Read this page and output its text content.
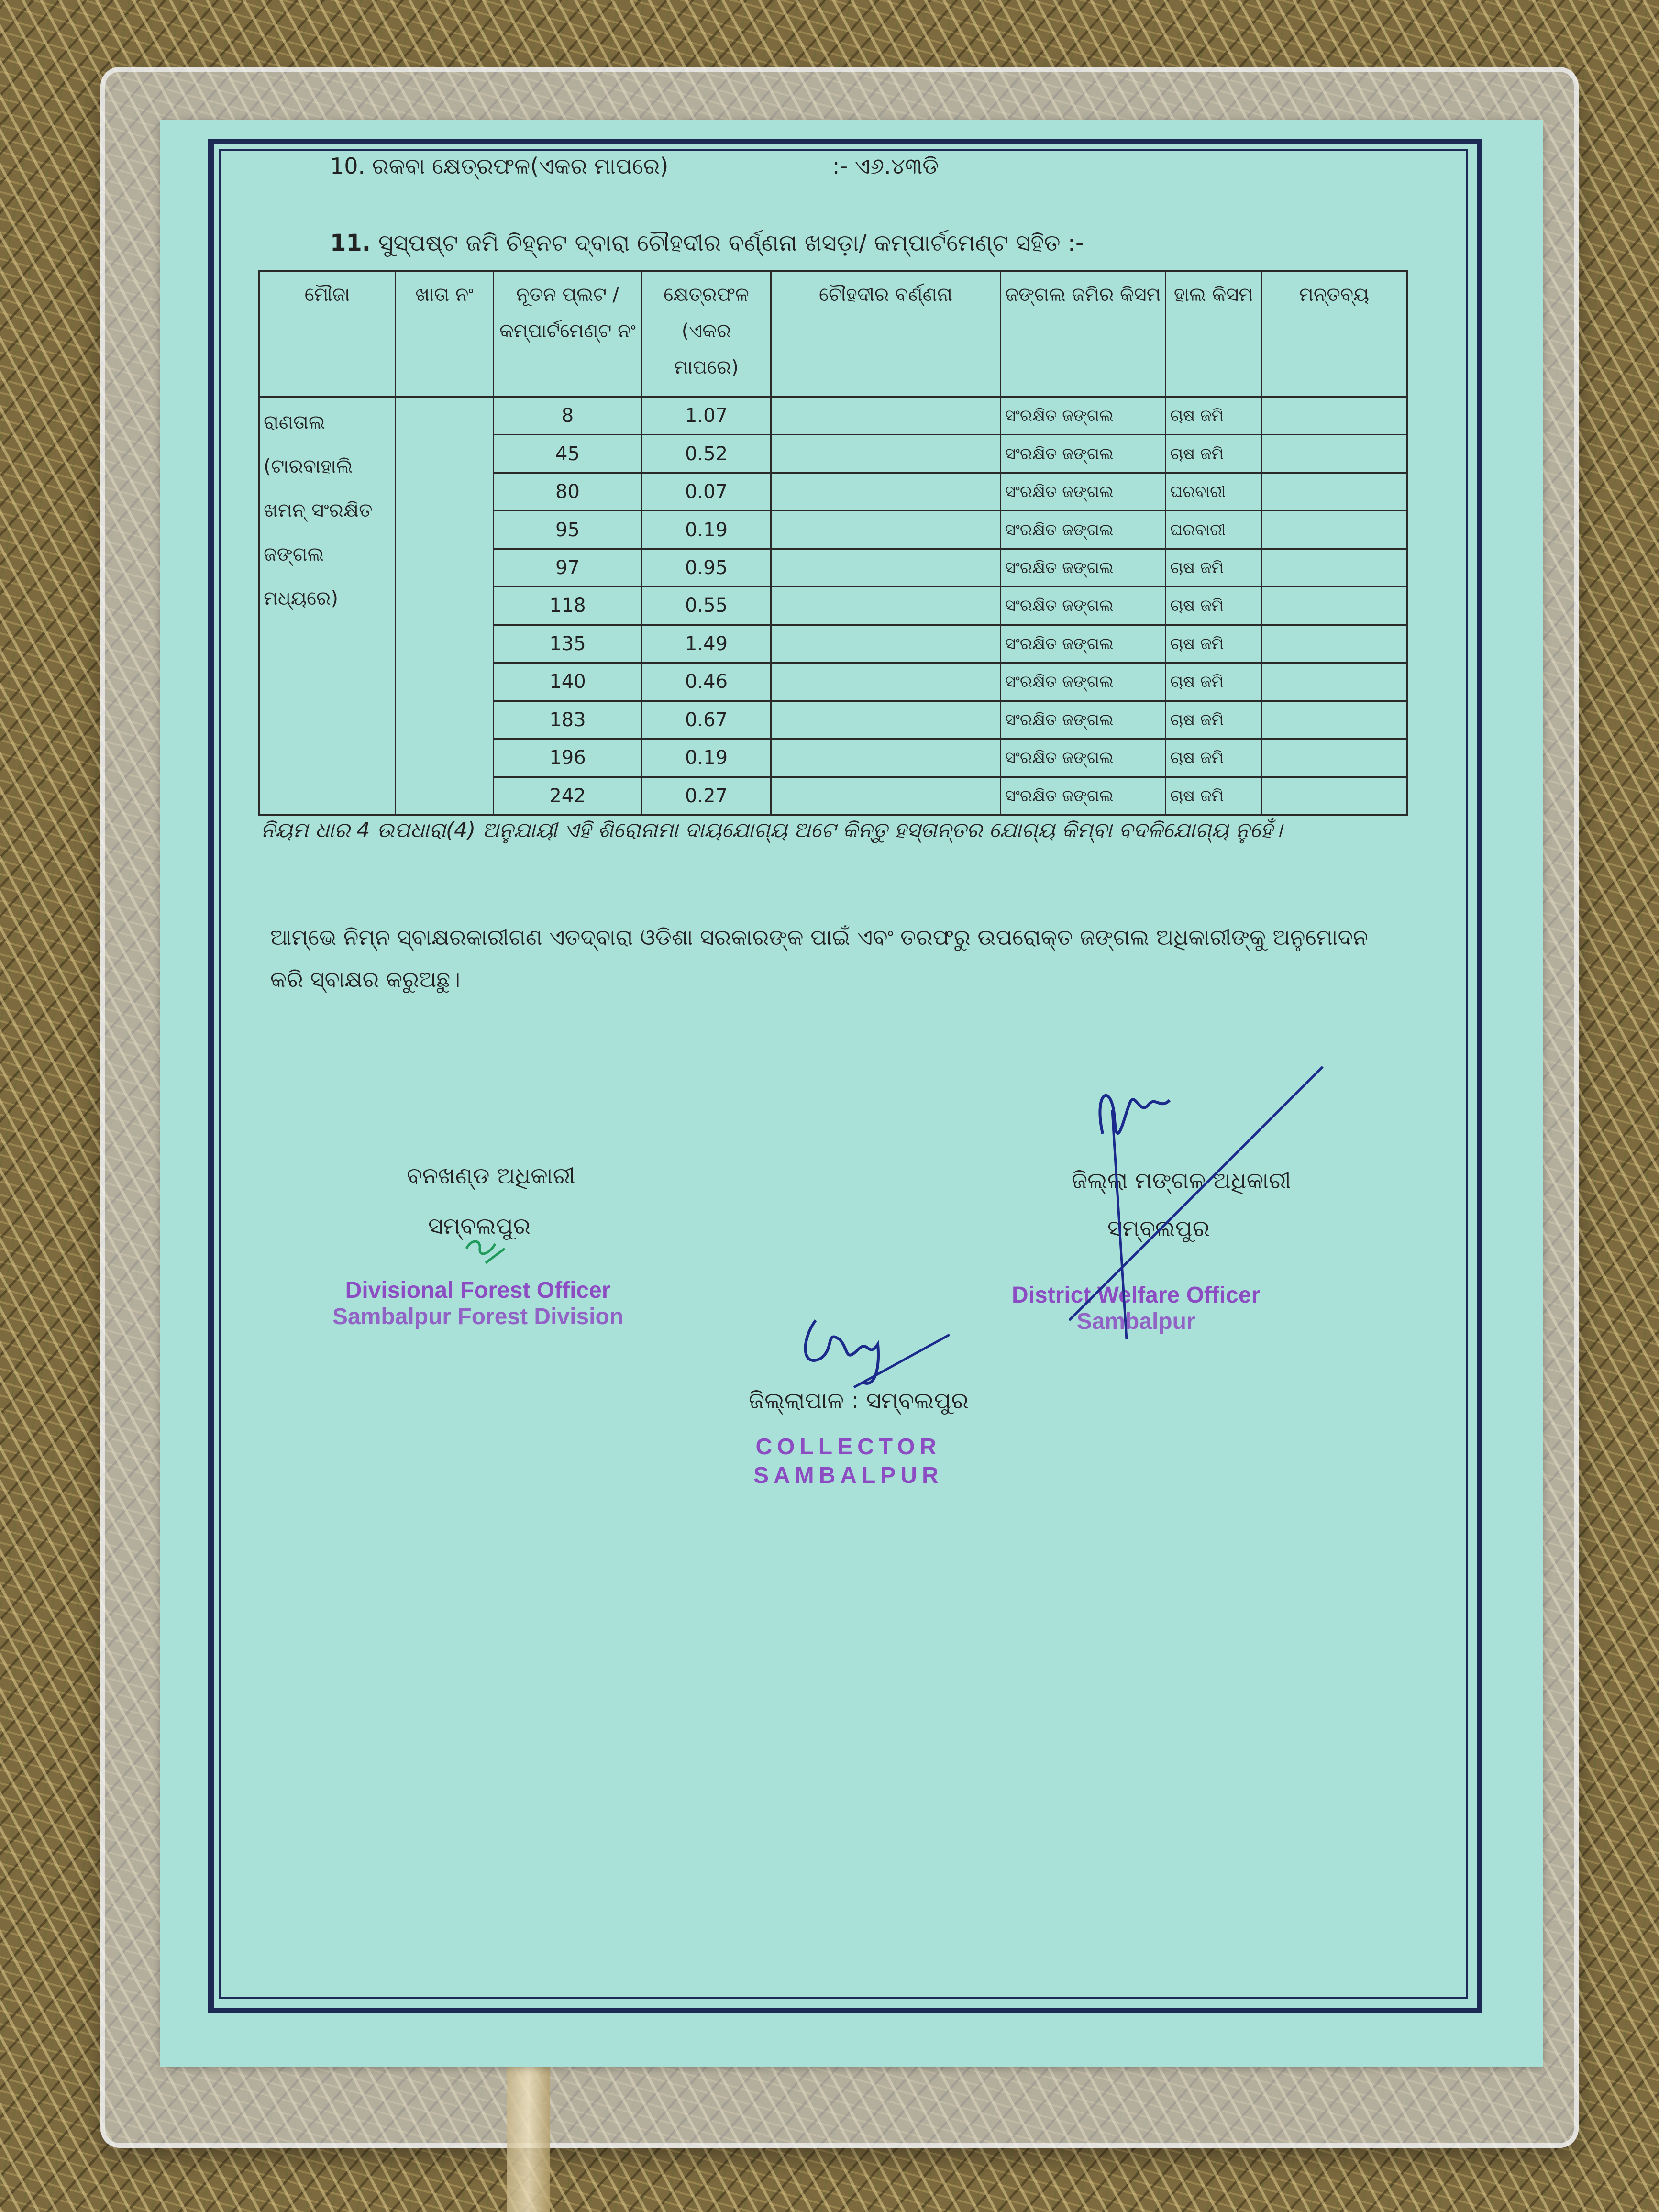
10. ରକବା କ୍ଷେତ୍ରଫଳ(ଏକର ମାପରେ)	:- ଏ୬.୪୩ଡି
11. ସୁସ୍ପଷ୍ଟ ଜମି ଚିହ୍ନଟ ଦ୍ବାରା ଚୌହଦୀର ବର୍ଣ୍ଣନା ଖସଡ଼ା/ କମ୍ପାର୍ଟମେଣ୍ଟ ସହିତ :-
ମୌଜା	ଖାତା ନଂ	ନୂତନ ପ୍ଲଟ / କମ୍ପାର୍ଟମେଣ୍ଟ ନଂ	କ୍ଷେତ୍ରଫଳ (ଏକର ମାପରେ)	ଚୌହଦୀର ବର୍ଣ୍ଣନା	ଜଙ୍ଗଲ ଜମିର କିସମ	ହାଲ କିସମ	ମନ୍ତବ୍ୟ
ରାଣତାଲ (ଟାରବାହାଲି ଖମନ୍ ସଂରକ୍ଷିତ ଜଙ୍ଗଲ ମଧ୍ୟରେ)		8	1.07		ସଂରକ୍ଷିତ ଜଙ୍ଗଲ	ଚାଷ ଜମି	
		45	0.52		ସଂରକ୍ଷିତ ଜଙ୍ଗଲ	ଚାଷ ଜମି	
		80	0.07		ସଂରକ୍ଷିତ ଜଙ୍ଗଲ	ଘରବାରୀ	
		95	0.19		ସଂରକ୍ଷିତ ଜଙ୍ଗଲ	ଘରବାରୀ	
		97	0.95		ସଂରକ୍ଷିତ ଜଙ୍ଗଲ	ଚାଷ ଜମି	
		118	0.55		ସଂରକ୍ଷିତ ଜଙ୍ଗଲ	ଚାଷ ଜମି	
		135	1.49		ସଂରକ୍ଷିତ ଜଙ୍ଗଲ	ଚାଷ ଜମି	
		140	0.46		ସଂରକ୍ଷିତ ଜଙ୍ଗଲ	ଚାଷ ଜମି	
		183	0.67		ସଂରକ୍ଷିତ ଜଙ୍ଗଲ	ଚାଷ ଜମି	
		196	0.19		ସଂରକ୍ଷିତ ଜଙ୍ଗଲ	ଚାଷ ଜମି	
		242	0.27		ସଂରକ୍ଷିତ ଜଙ୍ଗଲ	ଚାଷ ଜମି	
ନିୟମ ଧାର 4 ଉପଧାରା(4) ଅନୁଯାୟୀ ଏହି ଶିରୋନାମା ଦାୟଯୋଗ୍ୟ ଅଟେ କିନ୍ତୁ ହସ୍ତାନ୍ତର ଯୋଗ୍ୟ କିମ୍ବା ବଦଳିଯୋଗ୍ୟ ନୁହେଁ।
ଆମ୍ଭେ ନିମ୍ନ ସ୍ବାକ୍ଷରକାରୀଗଣ ଏତଦ୍ବାରା ଓଡିଶା ସରକାରଙ୍କ ପାଇଁ ଏବଂ ତରଫରୁ ଉପରୋକ୍ତ ଜଙ୍ଗଲ ଅଧିକାରୀଙ୍କୁ ଅନୁମୋଦନ କରି ସ୍ବାକ୍ଷର କରୁଅଛୁ।
ବନଖଣ୍ଡ ଅଧିକାରୀ
ସମ୍ବଲପୁର
Divisional Forest Officer
Sambalpur Forest Division
ଜିଲ୍ଲା ମଙ୍ଗଳ ଅଧିକାରୀ
ସମ୍ବଲପୁର
District Welfare Officer
Sambalpur
ଜିଲ୍ଲାପାଳ : ସମ୍ବଲପୁର
COLLECTOR
SAMBALPUR
